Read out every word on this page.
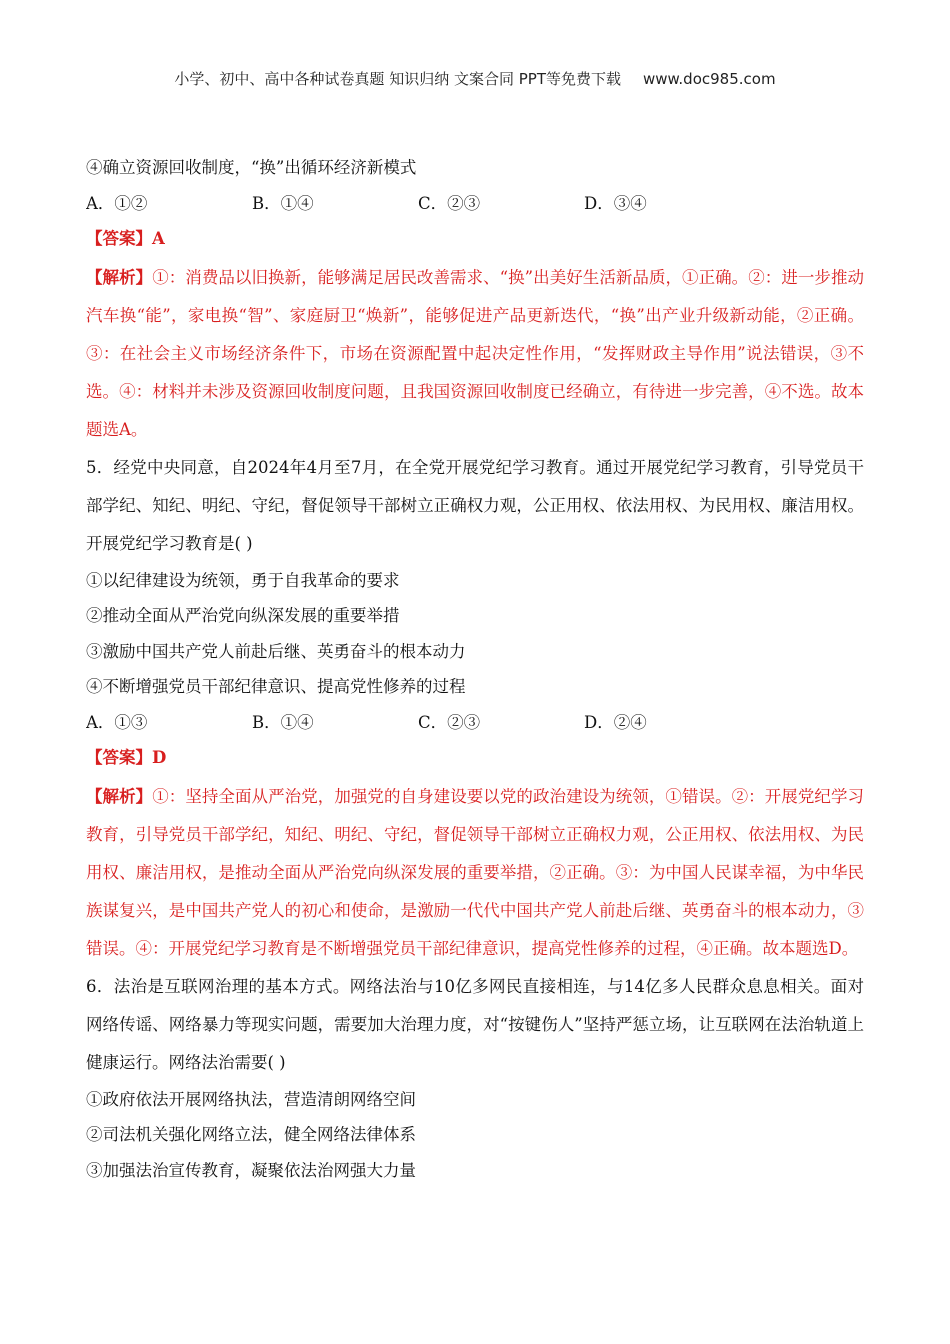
小学、初中、高中各种试卷真题 知识归纳 文案合同 PPT等免费下载 www.doc985.com
④确立资源回收制度，“换”出循环经济新模式
A．①②	B．①④	C．②③	D．③④
【答案】A
【解析】①：消费品以旧换新，能够满足居民改善需求、“换”出美好生活新品质，①正确。②：进一步推动汽车换“能”，家电换“智”、家庭厨卫“焕新”，能够促进产品更新迭代，“换”出产业升级新动能，②正确。③：在社会主义市场经济条件下，市场在资源配置中起决定性作用，“发挥财政主导作用”说法错误，③不选。④：材料并未涉及资源回收制度问题，且我国资源回收制度已经确立，有待进一步完善，④不选。故本题选A。
5．经党中央同意，自2024年4月至7月，在全党开展党纪学习教育。通过开展党纪学习教育，引导党员干部学纪、知纪、明纪、守纪，督促领导干部树立正确权力观，公正用权、依法用权、为民用权、廉洁用权。开展党纪学习教育是( )
①以纪律建设为统领，勇于自我革命的要求
②推动全面从严治党向纵深发展的重要举措
③激励中国共产党人前赴后继、英勇奋斗的根本动力
④不断增强党员干部纪律意识、提高党性修养的过程
A．①③	B．①④	C．②③	D．②④
【答案】D
【解析】①：坚持全面从严治党，加强党的自身建设要以党的政治建设为统领，①错误。②：开展党纪学习教育，引导党员干部学纪，知纪、明纪、守纪，督促领导干部树立正确权力观，公正用权、依法用权、为民用权、廉洁用权，是推动全面从严治党向纵深发展的重要举措，②正确。③：为中国人民谋幸福，为中华民族谋复兴，是中国共产党人的初心和使命，是激励一代代中国共产党人前赴后继、英勇奋斗的根本动力，③错误。④：开展党纪学习教育是不断增强党员干部纪律意识，提高党性修养的过程，④正确。故本题选D。
6．法治是互联网治理的基本方式。网络法治与10亿多网民直接相连，与14亿多人民群众息息相关。面对网络传谣、网络暴力等现实问题，需要加大治理力度，对“按键伤人”坚持严惩立场，让互联网在法治轨道上健康运行。网络法治需要( )
①政府依法开展网络执法，营造清朗网络空间
②司法机关强化网络立法，健全网络法律体系
③加强法治宣传教育，凝聚依法治网强大力量
